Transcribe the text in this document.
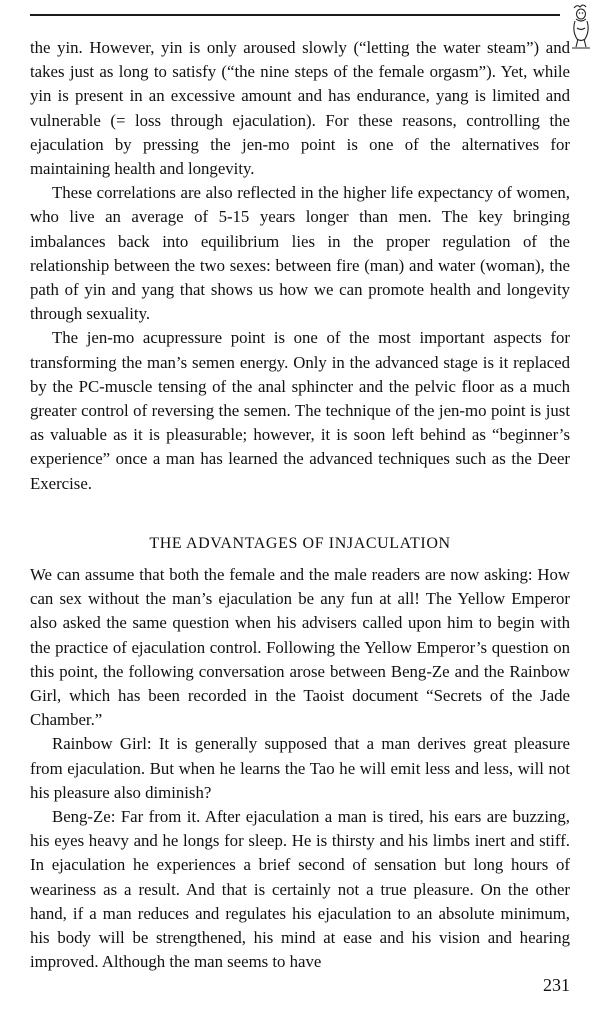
the yin. However, yin is only aroused slowly (“letting the water steam”) and takes just as long to satisfy (“the nine steps of the female orgasm”). Yet, while yin is present in an excessive amount and has endurance, yang is limited and vulnerable (= loss through ejaculation). For these reasons, controlling the ejaculation by pressing the jen-mo point is one of the alternatives for maintaining health and longevity.

These correlations are also reflected in the higher life expectancy of women, who live an average of 5-15 years longer than men. The key bringing imbalances back into equilibrium lies in the proper regulation of the relationship between the two sexes: between fire (man) and water (woman), the path of yin and yang that shows us how we can promote health and longevity through sexuality.

The jen-mo acupressure point is one of the most important aspects for transforming the man’s semen energy. Only in the advanced stage is it replaced by the PC-muscle tensing of the anal sphincter and the pelvic floor as a much greater control of reversing the semen. The technique of the jen-mo point is just as valuable as it is pleasurable; however, it is soon left behind as “beginner’s experience” once a man has learned the advanced techniques such as the Deer Exercise.

THE ADVANTAGES OF INJACULATION

We can assume that both the female and the male readers are now asking: How can sex without the man’s ejaculation be any fun at all! The Yellow Emperor also asked the same question when his advisers called upon him to begin with the practice of ejaculation control. Following the Yellow Emperor’s question on this point, the following conversation arose between Beng-Ze and the Rainbow Girl, which has been recorded in the Taoist document “Secrets of the Jade Chamber.”

Rainbow Girl: It is generally supposed that a man derives great pleasure from ejaculation. But when he learns the Tao he will emit less and less, will not his pleasure also diminish?

Beng-Ze: Far from it. After ejaculation a man is tired, his ears are buzzing, his eyes heavy and he longs for sleep. He is thirsty and his limbs inert and stiff. In ejaculation he experiences a brief second of sensation but long hours of weariness as a result. And that is certainly not a true pleasure. On the other hand, if a man reduces and regulates his ejaculation to an absolute minimum, his body will be strengthened, his mind at ease and his vision and hearing improved. Although the man seems to have

231
